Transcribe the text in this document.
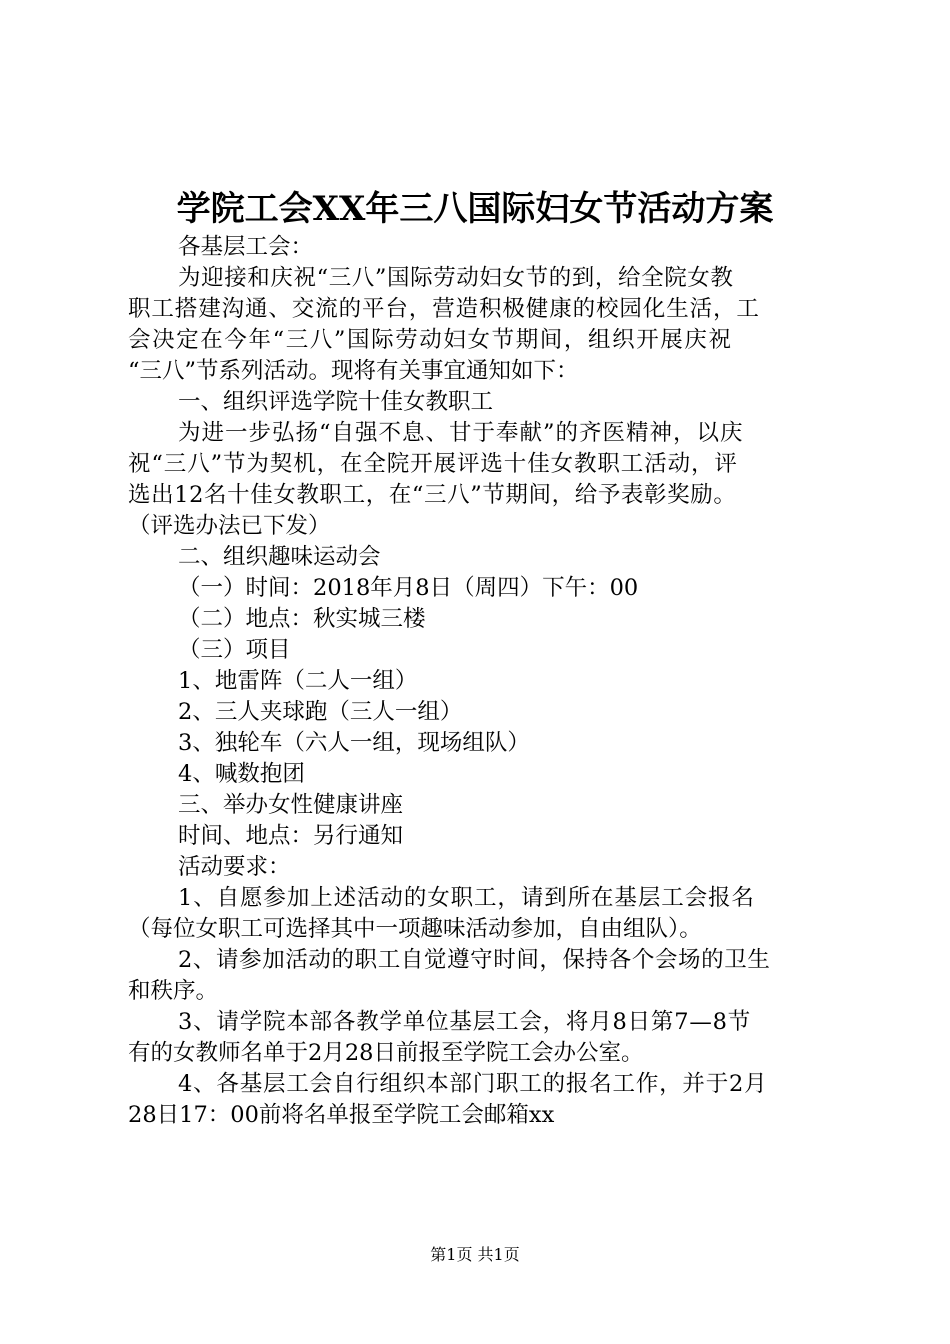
学院工会XX年三八国际妇女节活动方案
各基层工会：
为迎接和庆祝“三八”国际劳动妇女节的到，给全院女教
职工搭建沟通、交流的平台，营造积极健康的校园化生活，工
会决定在今年“三八”国际劳动妇女节期间，组织开展庆祝
“三八”节系列活动。现将有关事宜通知如下：
一、组织评选学院十佳女教职工
为进一步弘扬“自强不息、甘于奉献”的齐医精神，以庆
祝“三八”节为契机，在全院开展评选十佳女教职工活动，评
选出12名十佳女教职工，在“三八”节期间，给予表彰奖励。
（评选办法已下发）
二、组织趣味运动会
（一）时间：2018年月8日（周四）下午：00
（二）地点：秋实城三楼
（三）项目
1、地雷阵（二人一组）
2、三人夹球跑（三人一组）
3、独轮车（六人一组，现场组队）
4、喊数抱团
三、举办女性健康讲座
时间、地点：另行通知
活动要求：
1、自愿参加上述活动的女职工，请到所在基层工会报名
（每位女职工可选择其中一项趣味活动参加，自由组队）。
2、请参加活动的职工自觉遵守时间，保持各个会场的卫生
和秩序。
3、请学院本部各教学单位基层工会，将月8日第7—8节
有的女教师名单于2月28日前报至学院工会办公室。
4、各基层工会自行组织本部门职工的报名工作，并于2月
28日17：00前将名单报至学院工会邮箱xx
第1页 共1页
